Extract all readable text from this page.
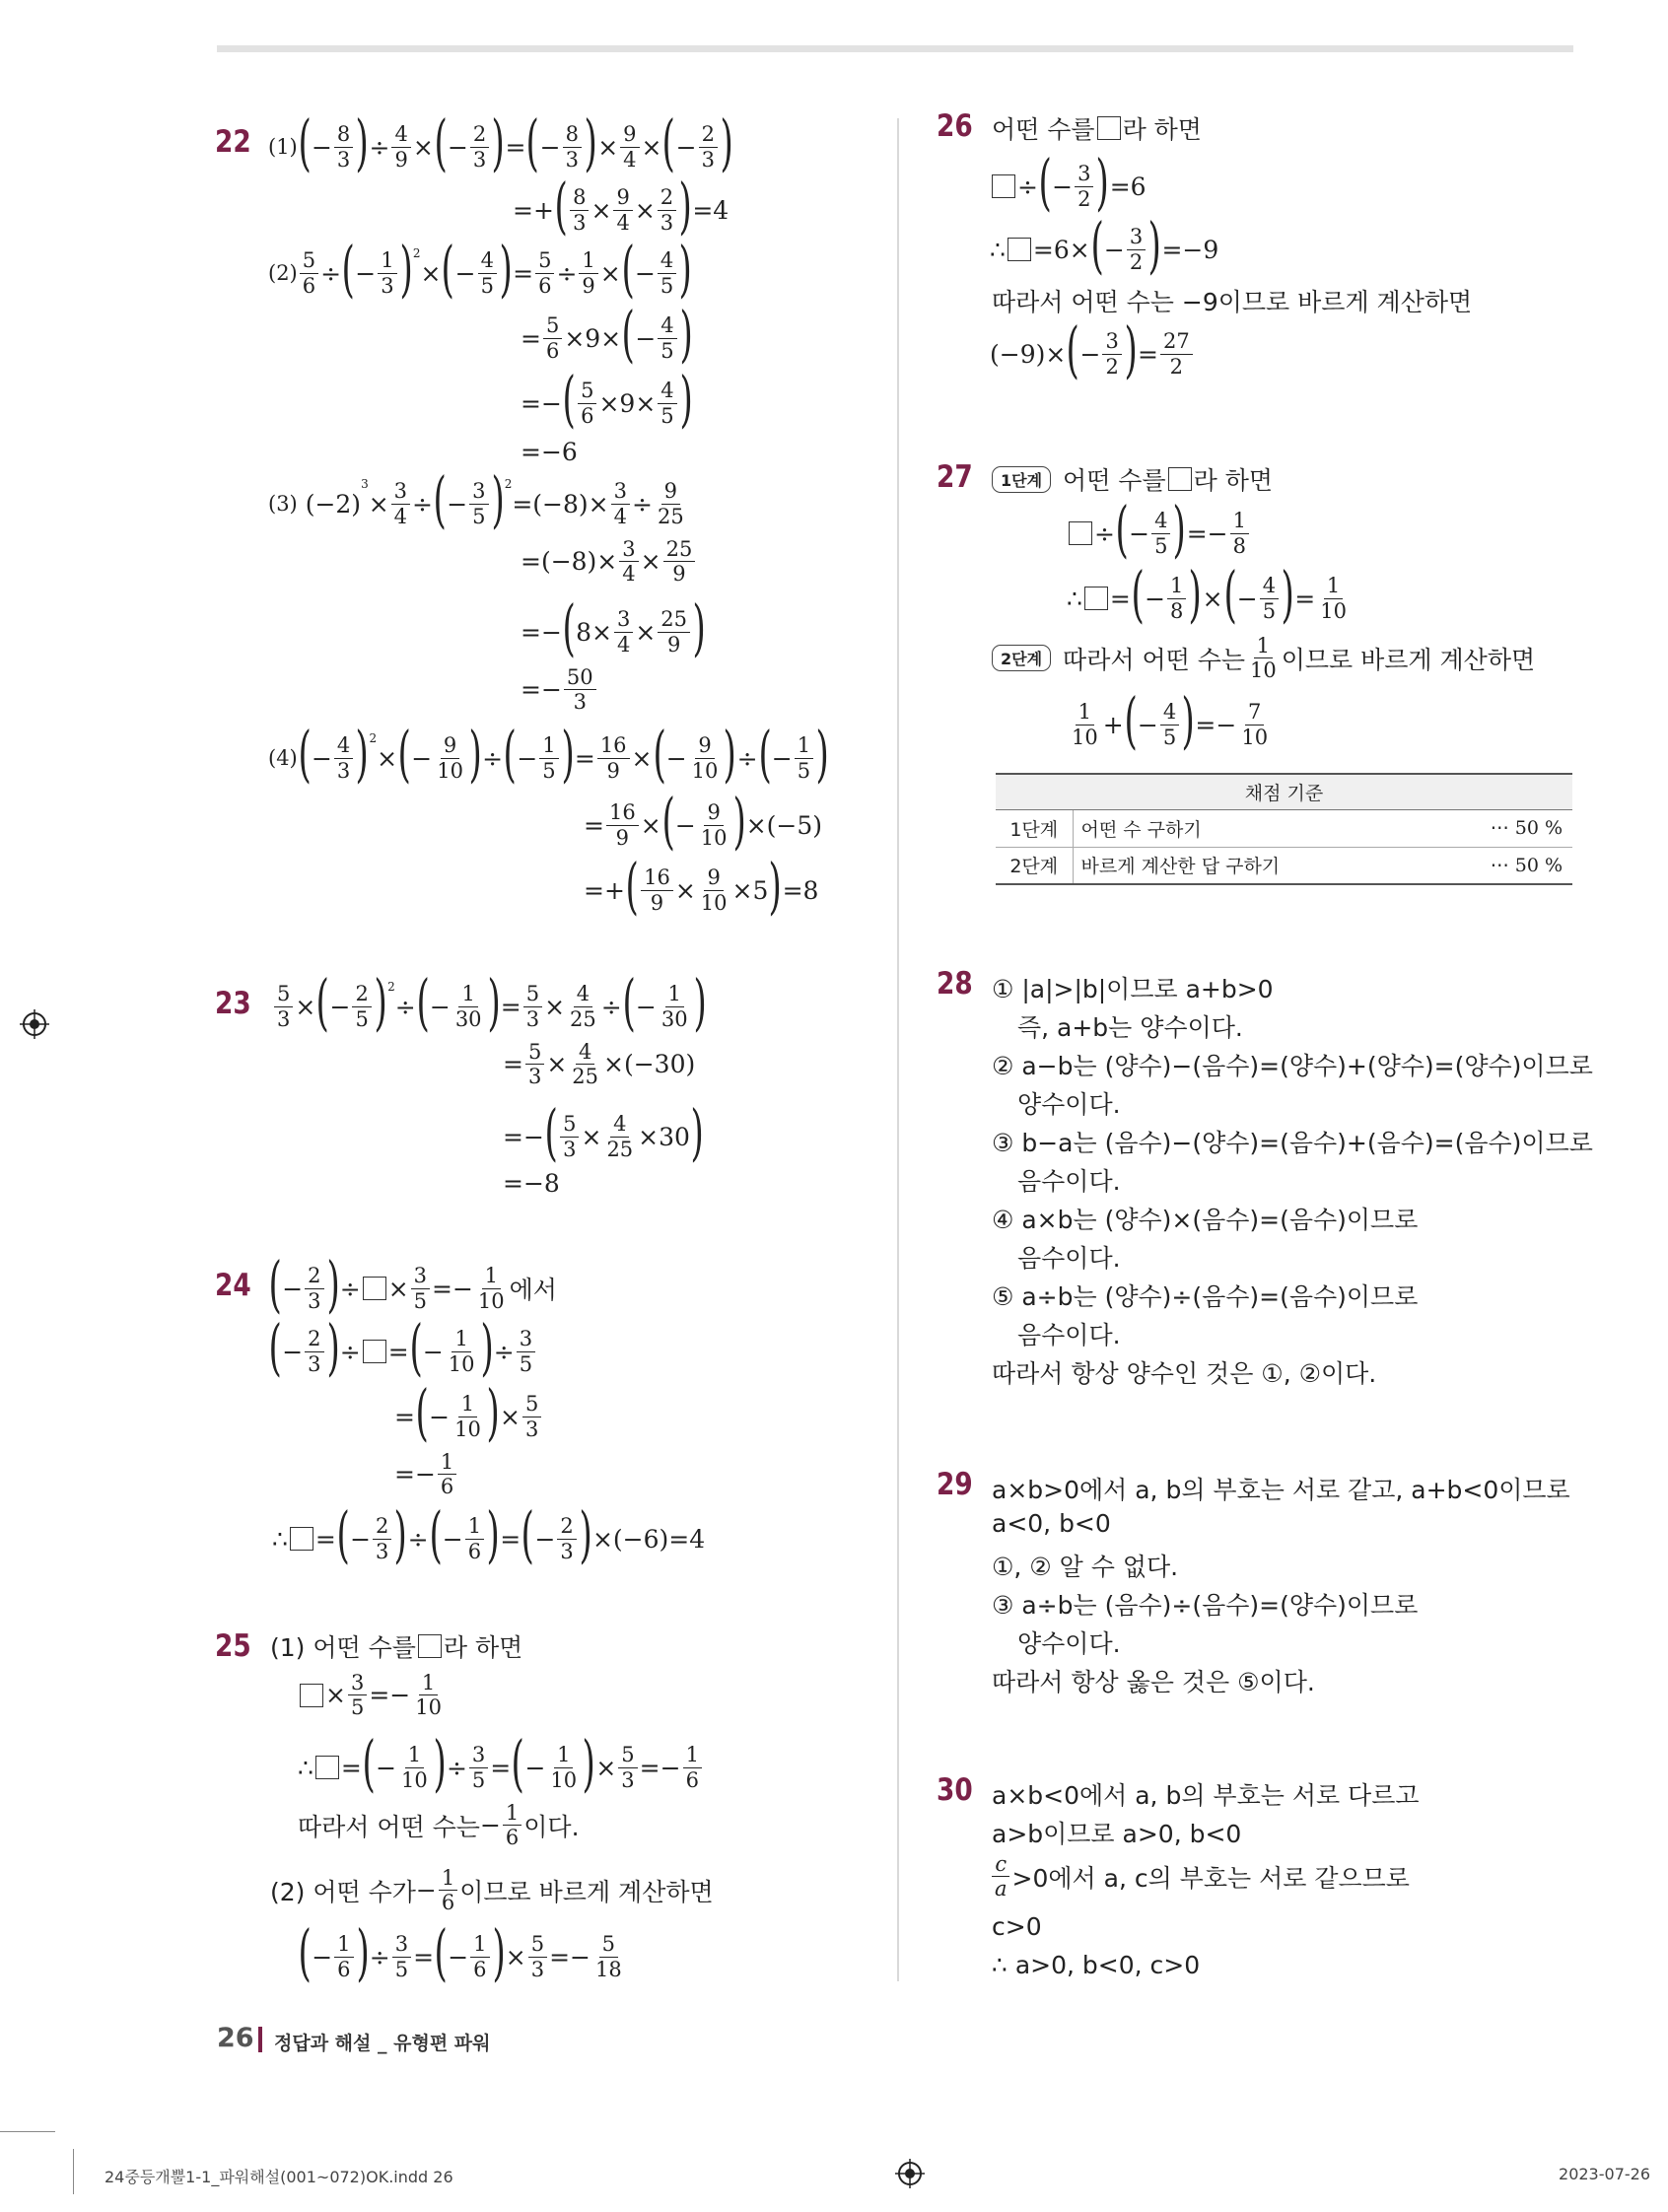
22 (1) ( − $\frac{8}{3}$ ) ÷ $\frac{4}{9}$ × ( − $\frac{2}{3}$ ) = ( − $\frac{8}{3}$ ) × $\frac{9}{4}$ × ( − $\frac{2}{3}$ )
=+ ( $\frac{8}{3} \times \frac{9}{4} \times \frac{2}{3}$ ) =4
$(2) \frac{5}{6}$ ÷ ( − $\frac{1}{3} )^2$
× ( − $\frac{4}{5}$ ) = $\frac{5}{6} \div \frac{1}{9}$ × ( − $\frac{4}{5}$ )
= $\frac{5}{6} \times 9\times$ ( − $\frac{4}{5}$ )
=− ( $\frac{5}{6} \times 9\times \frac{4}{5}$ )
=−6
(3) (−2)
$^3$
× $\frac{3}{4}$ ÷ ( − $\frac{3}{5} )^2$
$=(-8)\times \frac{3}{4} \div \frac{9}{25}$
$=(-8)\times \frac{3}{4} \times \frac{25}{9}$
=− ( $8\times \frac{3}{4} \times \frac{25}{9}$ )
=− $\frac{50}{3}$
(4) ( − $\frac{4}{3} )^2$
× ( − $\frac{9}{10}$ ) ÷ ( − $\frac{1}{5}$ ) = $\frac{16}{9}$ × ( − $\frac{9}{10}$ ) ÷ ( − $\frac{1}{5}$ )
= $\frac{16}{9}$ × ( − $\frac{9}{10}$ ) ×(−5)
=+ ( $\frac{16}{9} \times \frac{9}{10} \times 5$ ) =8
$23 \frac{5}{3}$ × ( − $\frac{2}{5} )^2$
÷ ( − $\frac{1}{30}$ ) = $\frac{5}{3} \times \frac{4}{25}$ ÷ ( − $\frac{1}{30}$ )
= $\frac{5}{3} \times \frac{4}{25} \times(-30)$
=− ( $\frac{5}{3} \times \frac{4}{25} \times 30$ )
=−8
24 ( − $\frac{2}{3}$ ) ÷ × $\frac{3}{5} =- \frac{1}{10}$ 에서
( − $\frac{2}{3}$ ) ÷ = ( − $\frac{1}{10}$ ) ÷ $\frac{3}{5}$
= ( − $\frac{1}{10}$ ) × $\frac{5}{3}$
=− $\frac{1}{6}$
∴
= ( − $\frac{2}{3}$ ) ÷ ( − $\frac{1}{6}$ ) = ( − $\frac{2}{3}$ ) ×(−6)=4
25 (1) 어떤 수를 라 하면
× $\frac{3}{5} =- \frac{1}{10}$
∴
= ( − $\frac{1}{10}$ ) ÷ $\frac{3}{5}$ = ( − $\frac{1}{10}$ ) × $\frac{5}{3} =- \frac{1}{6}$
따라서 어떤 수는 − $\frac{1}{6}$ 이다.
(2) 어떤 수가 − $\frac{1}{6}$ 이므로 바르게 계산하면
( − $\frac{1}{6}$ ) ÷ $\frac{3}{5}$ = ( − $\frac{1}{6}$ ) × $\frac{5}{3} =- \frac{5}{18}$
26 어떤 수를 라 하면
÷ ( − $\frac{3}{2}$ ) =6
∴
=6× ( − $\frac{3}{2}$ ) =−9
따라서 어떤 수는 −9이므로 바르게 계산하면
(−9)× ( − $\frac{3}{2}$ ) = $\frac{27}{2}$
27	1단계 어떤 수를 라 하면
÷ ( − $\frac{4}{5}$ ) =− $\frac{1}{8}$
∴
= ( − $\frac{1}{8}$ ) × ( − $\frac{4}{5}$ ) = $\frac{1}{10}$
2단계 따라서 어떤 수는 $\frac{1}{10}$ 이므로 바르게 계산하면
$\frac{1}{10}$ + ( − $\frac{4}{5}$ ) =− $\frac{7}{10}$
채점 기준		
1단계	어떤 수 구하기	⋯ 50 %
2단계	바르게 계산한 답 구하기	⋯ 50 %
28 ① |a|>|b|이므로 a+b>0
즉, a+b는 양수이다.
② a−b는 (양수)−(음수)=(양수)+(양수)=(양수)이므로
양수이다.
③ b−a는 (음수)−(양수)=(음수)+(음수)=(음수)이므로
음수이다.
④ a×b는 (양수)×(음수)=(음수)이므로
음수이다.
⑤ a÷b는 (양수)÷(음수)=(음수)이므로
음수이다.
따라서 항상 양수인 것은 ①, ②이다.
29 a×b>0에서 a, b의 부호는 서로 같고, a+b<0이므로
a<0, b<0
①, ② 알 수 없다.
③ a÷b는 (음수)÷(음수)=(양수)이므로
양수이다.
따라서 항상 옳은 것은 ⑤이다.
30 a×b<0에서 a, b의 부호는 서로 다르고
a>b이므로 a>0, b<0
$\frac{c}{a} >0$에서 a, c의 부호는 서로 같으므로
c>0
∴ a>0, b<0, c>0
26 정답과 해설 _ 유형편 파워
24중등개뿔1-1_파워해설(001~072)OK.indd 26	2023-07-26
